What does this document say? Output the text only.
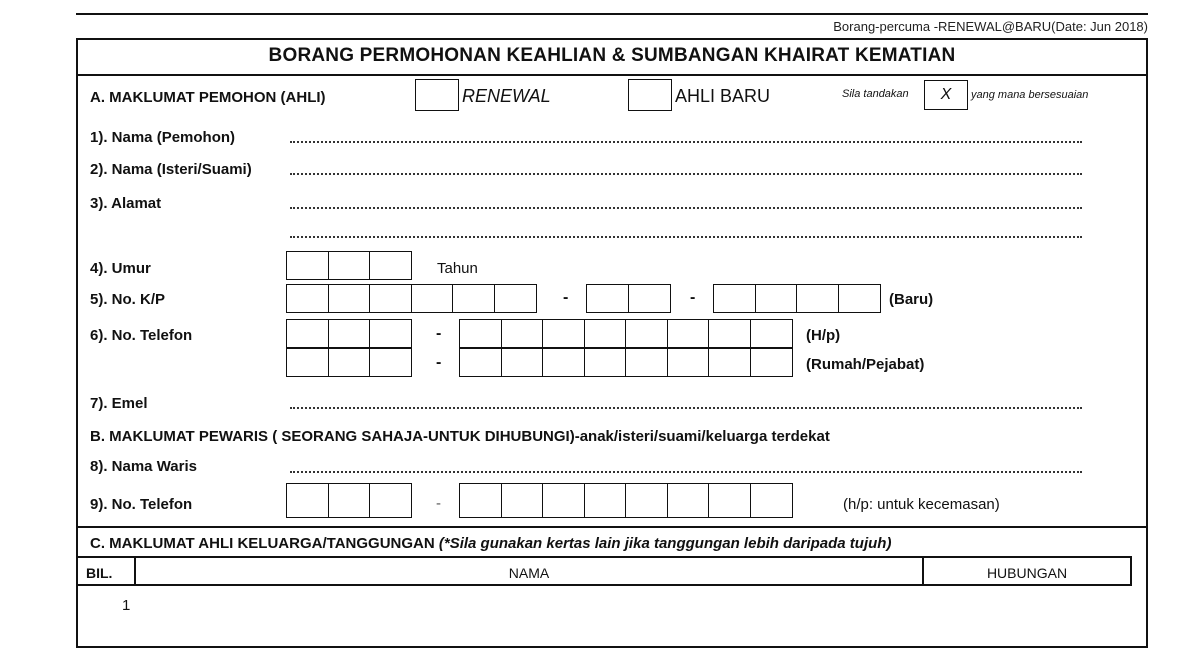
Borang-percuma -RENEWAL@BARU(Date: Jun 2018)
BORANG PERMOHONAN KEAHLIAN & SUMBANGAN KHAIRAT KEMATIAN
A. MAKLUMAT PEMOHON (AHLI)	RENEWAL	AHLI BARU	Sila tandakan	X	yang mana bersesuaian
1). Nama (Pemohon)
2). Nama (Isteri/Suami)
3). Alamat
4). Umur	Tahun
5). No. K/P	-	-	(Baru)
6). No. Telefon	-	(H/p)
-	(Rumah/Pejabat)
7). Emel
B. MAKLUMAT PEWARIS ( SEORANG SAHAJA-UNTUK DIHUBUNGI)-anak/isteri/suami/keluarga terdekat
8). Nama Waris
9). No. Telefon	-	(h/p: untuk kecemasan)
C. MAKLUMAT AHLI KELUARGA/TANGGUNGAN (*Sila gunakan kertas lain jika tanggungan lebih daripada tujuh)
BIL.	NAMA	HUBUNGAN
1
